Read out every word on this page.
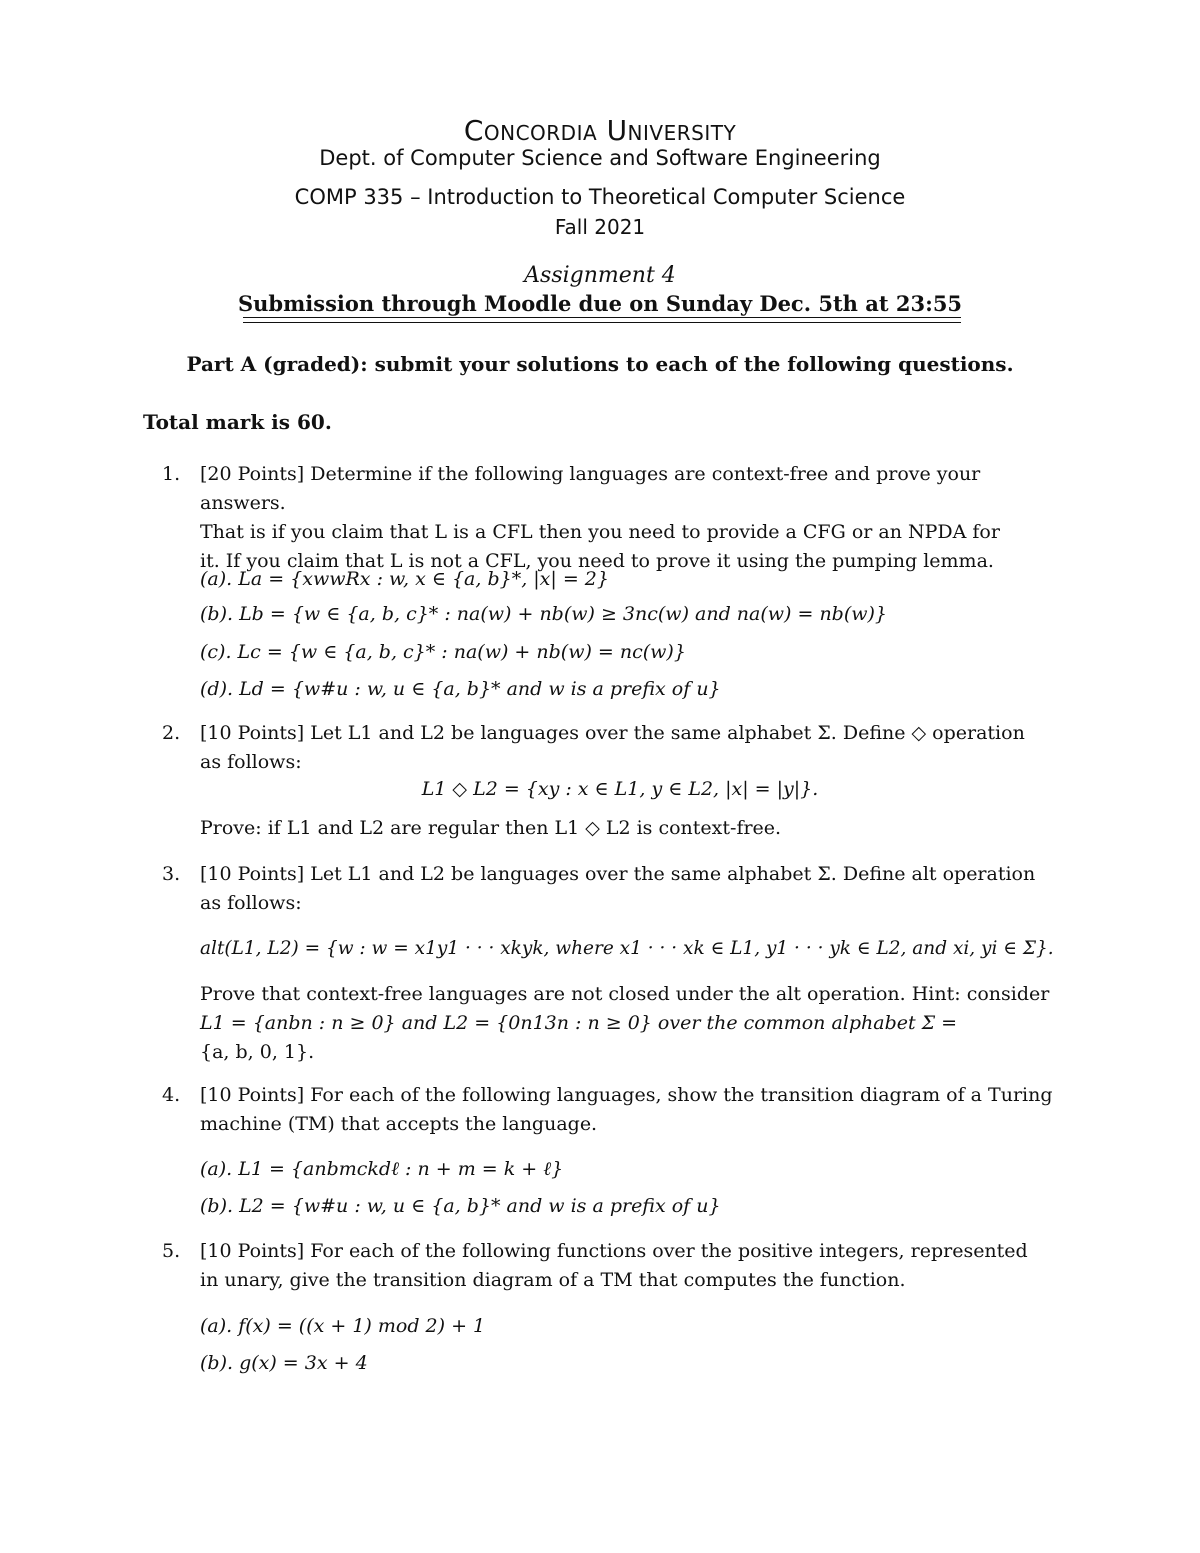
Concordia University
Dept. of Computer Science and Software Engineering
COMP 335 – Introduction to Theoretical Computer Science
Fall 2021
Assignment 4
Submission through Moodle due on Sunday Dec. 5th at 23:55
Part A (graded): submit your solutions to each of the following questions.
Total mark is 60.
1. [20 Points] Determine if the following languages are context-free and prove your answers.
That is if you claim that L is a CFL then you need to provide a CFG or an NPDA for
it. If you claim that L is not a CFL, you need to prove it using the pumping lemma.
(a). La = {xwwRx : w, x ∈ {a, b}*, |x| = 2}
(b). Lb = {w ∈ {a, b, c}* : na(w) + nb(w) ≥ 3nc(w) and na(w) = nb(w)}
(c). Lc = {w ∈ {a, b, c}* : na(w) + nb(w) = nc(w)}
(d). Ld = {w#u : w, u ∈ {a, b}* and w is a prefix of u}
2. [10 Points] Let L1 and L2 be languages over the same alphabet Σ. Define ◇ operation
as follows:
L1 ◇ L2 = {xy : x ∈ L1, y ∈ L2, |x| = |y|}.
Prove: if L1 and L2 are regular then L1 ◇ L2 is context-free.
3. [10 Points] Let L1 and L2 be languages over the same alphabet Σ. Define alt operation
as follows:
alt(L1, L2) = {w : w = x1y1 · · · xkyk, where x1 · · · xk ∈ L1, y1 · · · yk ∈ L2, and xi, yi ∈ Σ}.
Prove that context-free languages are not closed under the alt operation. Hint: consider
L1 = {anbn : n ≥ 0} and L2 = {0n13n : n ≥ 0} over the common alphabet Σ =
{a, b, 0, 1}.
4. [10 Points] For each of the following languages, show the transition diagram of a Turing
machine (TM) that accepts the language.
(a). L1 = {anbmckdℓ : n + m = k + ℓ}
(b). L2 = {w#u : w, u ∈ {a, b}* and w is a prefix of u}
5. [10 Points] For each of the following functions over the positive integers, represented
in unary, give the transition diagram of a TM that computes the function.
(a). f(x) = ((x + 1) mod 2) + 1
(b). g(x) = 3x + 4
